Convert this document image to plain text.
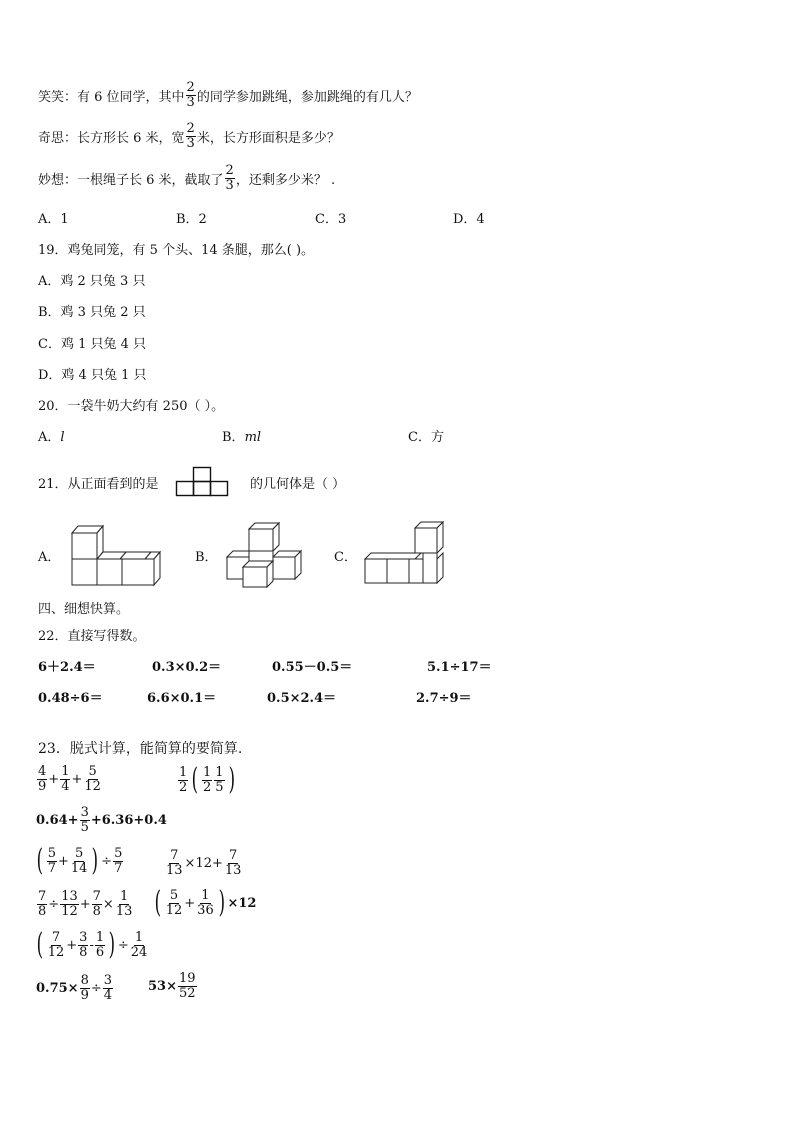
笑笑：有 6 位同学，其中 $\frac{2}{3}$ 的同学参加跳绳，参加跳绳的有几人？
奇思：长方形长 6 米，宽 $\frac{2}{3}$ 米，长方形面积是多少？
妙想：一根绳子长 6 米，截取了 $\frac{2}{3}$ ，还剩多少米？ .
A．1	B．2	C．3	D．4
19．鸡兔同笼，有 5 个头、14 条腿，那么( )。
A．鸡 2 只兔 3 只
B．鸡 3 只兔 2 只
C．鸡 1 只兔 4 只
D．鸡 4 只兔 1 只
20．一袋牛奶大约有 250（ ）。
A．l	B．ml	C．方
21．从正面看到的是	的几何体是（ ）
A．	B．	C．
四、细想快算。
22．直接写得数。
6＋2.4＝	0.3×0.2＝	0.55－0.5＝	5.1÷17＝
0.48÷6＝	6.6×0.1＝	0.5×2.4＝	2.7÷9＝
23．脱式计算，能简算的要简算.
$\frac{4}{9} + \frac{1}{4} + \frac{5}{12}$	$\frac{1}{2}$ ( $\frac{1}{2} \frac{1}{5}$ )
$0.64+ \frac{3}{5} +6.36+0.4$
( $\frac{5}{7} + \frac{5}{14}$ ) ÷ $\frac{5}{7}$	$\frac{7}{13} \times 12+ \frac{7}{13}$
$\frac{7}{8} \div \frac{13}{12} + \frac{7}{8} \times \frac{1}{13}$ ( $\frac{5}{12} + \frac{1}{36}$ ) ×12
( $\frac{7}{12} + \frac{3}{8} - \frac{1}{6}$ ) ÷ $\frac{1}{24}$
$0.75\times \frac{8}{9} \div \frac{3}{4}$	$53\times \frac{19}{52}$
